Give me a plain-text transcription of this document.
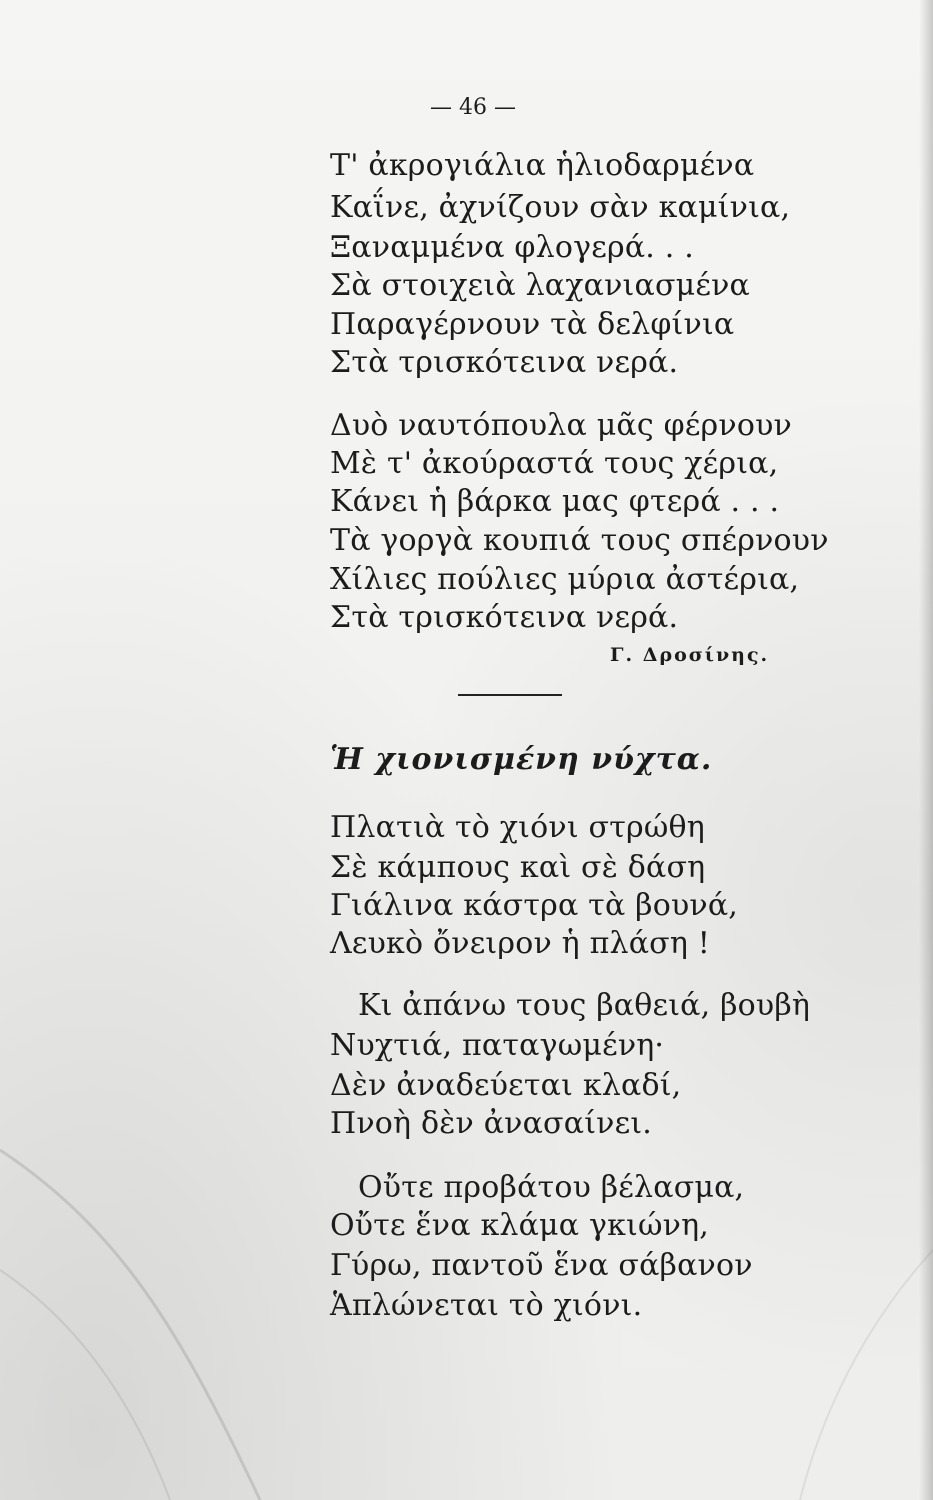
— 46 —
Τ' ἀκρογιάλια ἡλιοδαρμένα
Καΐνε, ἀχνίζουν σὰν καμίνια,
Ξαναμμένα φλογερά. . .
Σὰ στοιχειὰ λαχανιασμένα
Παραγέρνουν τὰ δελφίνια
Στὰ τρισκότεινα νερά.
Δυὸ ναυτόπουλα μᾶς φέρνουν
Μὲ τ' ἀκούραστά τους χέρια,
Κάνει ἡ βάρκα μας φτερά . . .
Τὰ γοργὰ κουπιά τους σπέρνουν
Χίλιες πούλιες μύρια ἀστέρια,
Στὰ τρισκότεινα νερά.
Γ. Δροσίνης.
Ἡ χιονισμένη νύχτα.
Πλατιὰ τὸ χιόνι στρώθη
Σὲ κάμπους καὶ σὲ δάση
Γιάλινα κάστρα τὰ βουνά,
Λευκὸ ὄνειρον ἡ πλάση !
Κι ἀπάνω τους βαθειά, βουβὴ
Νυχτιά, παταγωμένη·
Δὲν ἀναδεύεται κλαδί,
Πνοὴ δὲν ἀνασαίνει.
Οὔτε προβάτου βέλασμα,
Οὔτε ἕνα κλάμα γκιώνη,
Γύρω, παντοῦ ἕνα σάβανον
Ἁπλώνεται τὸ χιόνι.
